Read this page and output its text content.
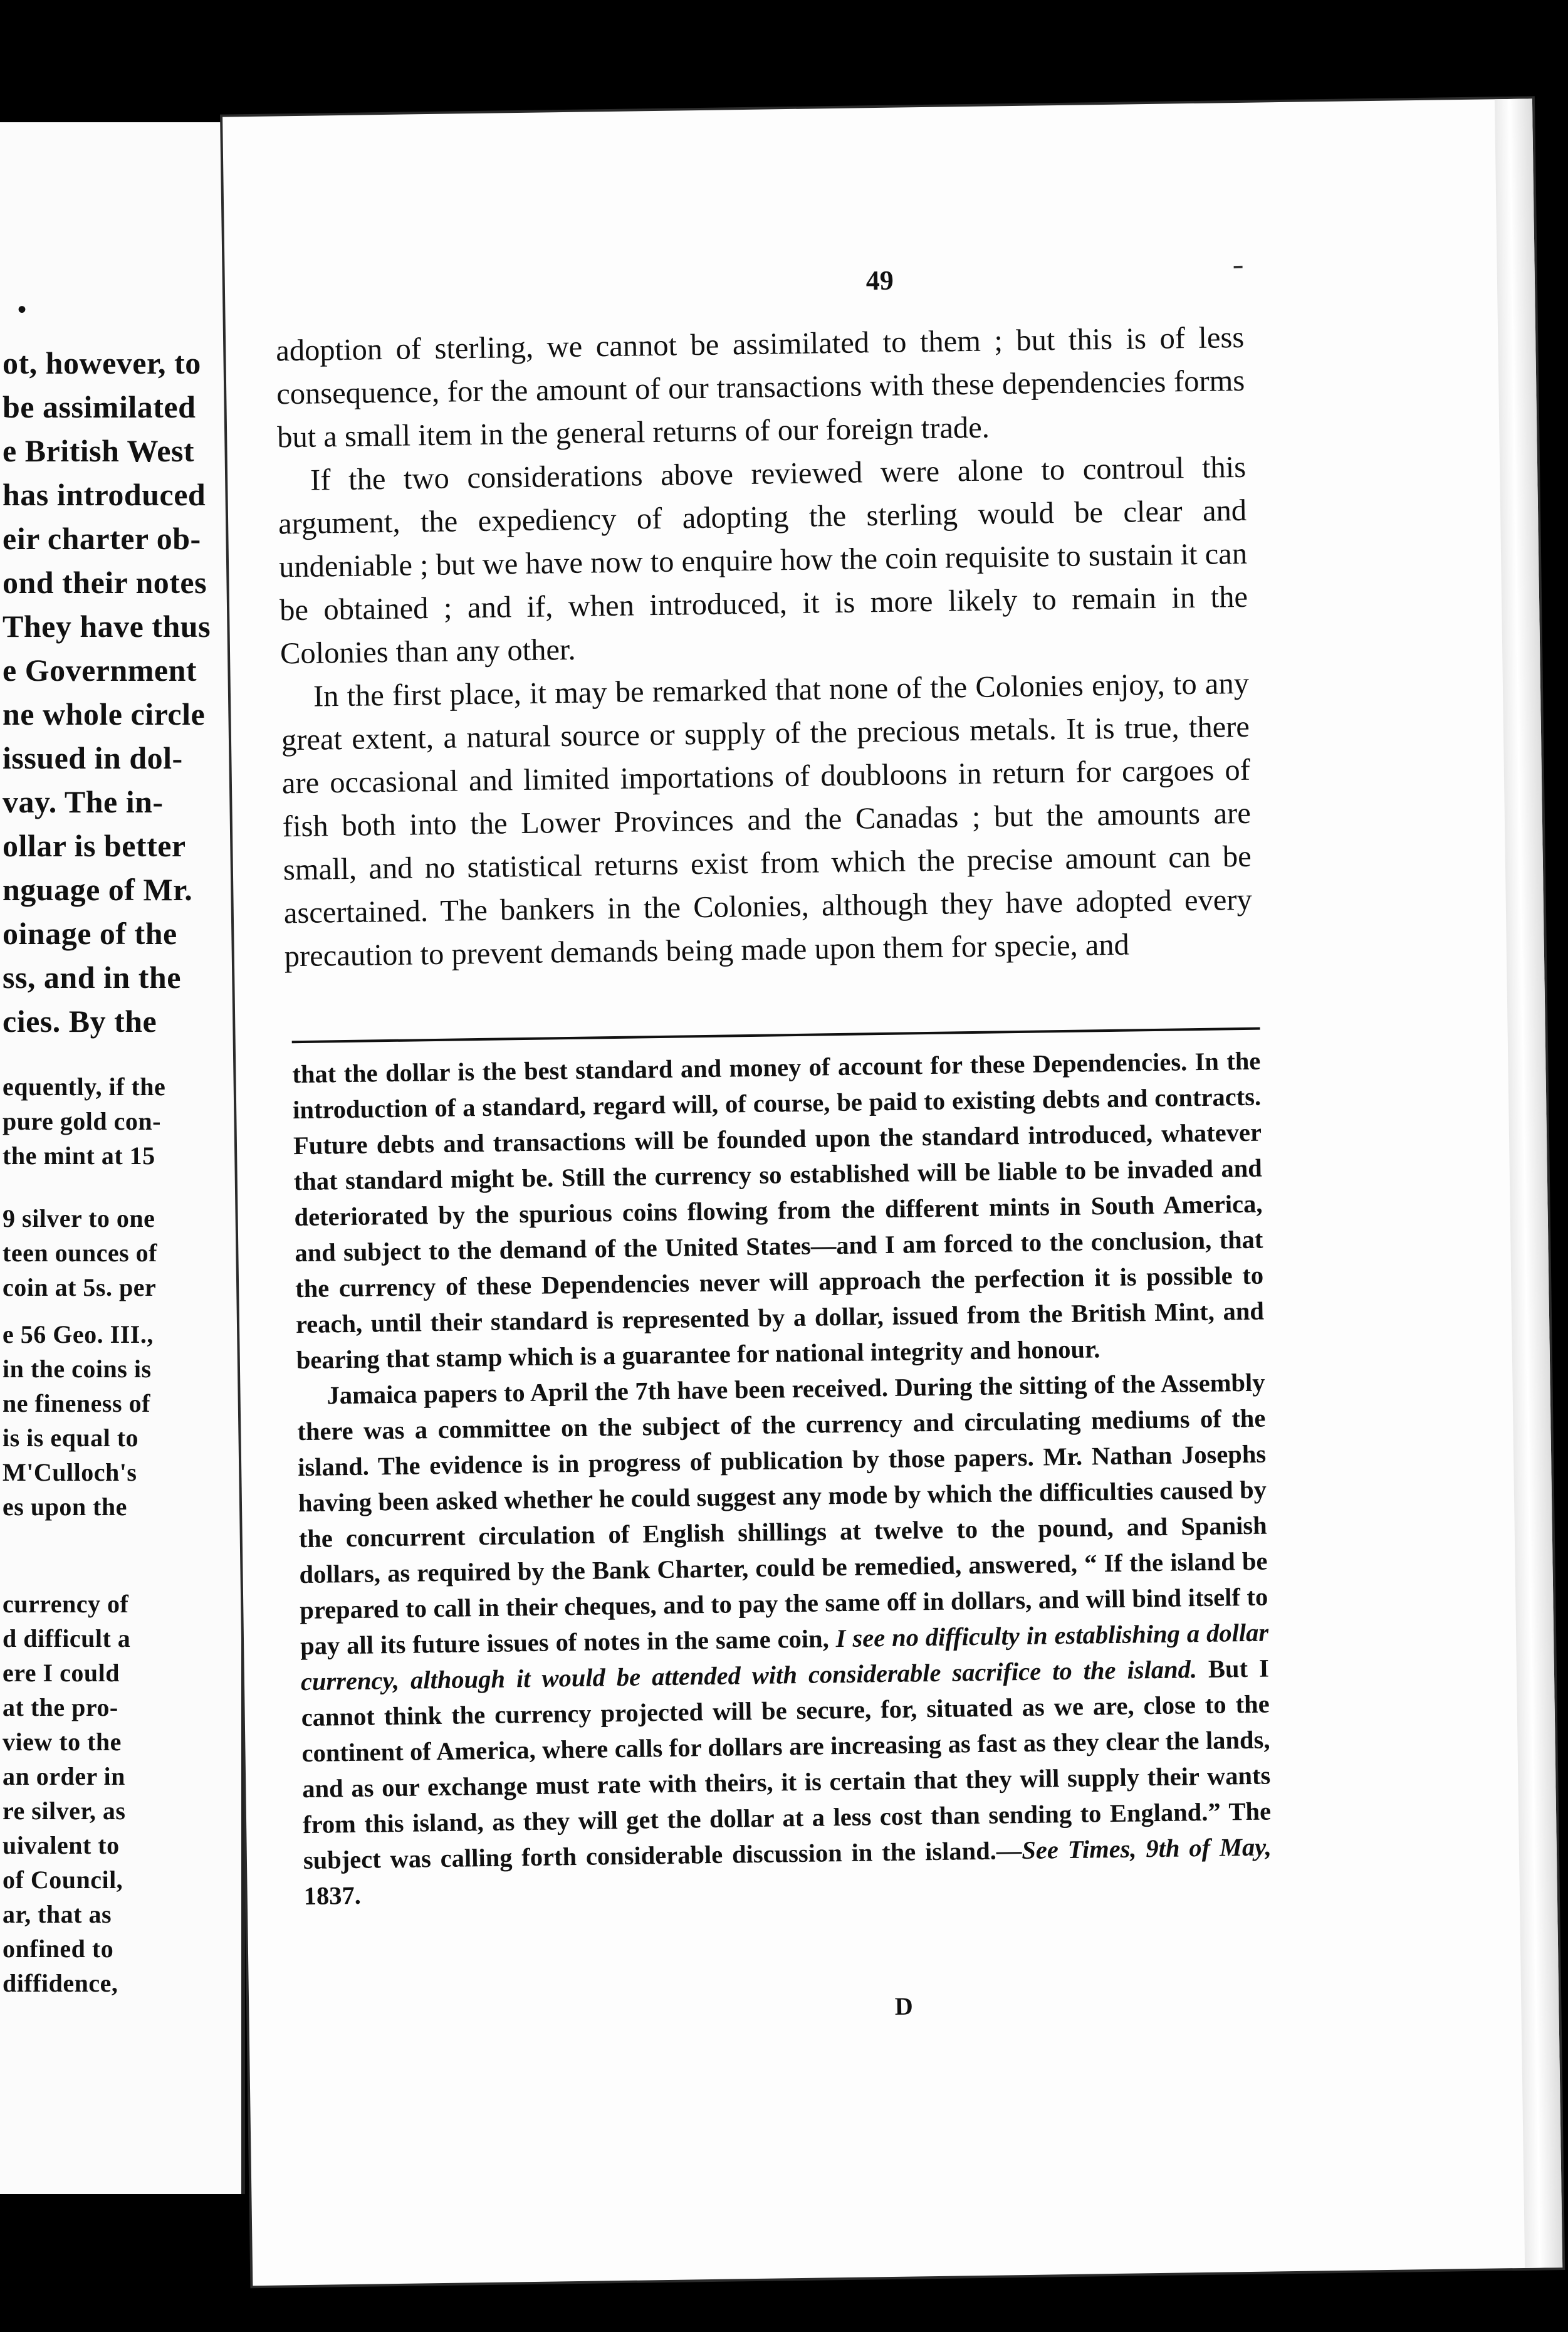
•
ot, however, to
be assimilated
e British West
has introduced
eir charter ob-
ond their notes
They have thus
e Government
ne whole circle
issued in dol-
vay. The in-
ollar is better
nguage of Mr.
oinage of the
ss, and in the
cies. By the
equently, if the
pure gold con-
the mint at 15
9 silver to one
teen ounces of
coin at 5s. per
e 56 Geo. III.,
in the coins is
ne fineness of
is is equal to
M'Culloch's
es upon the
currency of
d difficult a
ere I could
at the pro-
view to the
an order in
re silver, as
uivalent to
of Council,
ar, that as
onfined to
diffidence,
49

adoption of sterling, we cannot be assimilated to them ; but this is of less consequence, for the amount of our transactions with these dependencies forms but a small item in the general returns of our foreign trade.

If the two considerations above reviewed were alone to controul this argument, the expediency of adopting the sterling would be clear and undeniable ; but we have now to enquire how the coin requisite to sustain it can be obtained ; and if, when introduced, it is more likely to remain in the Colonies than any other.

In the first place, it may be remarked that none of the Colonies enjoy, to any great extent, a natural source or supply of the precious metals. It is true, there are occasional and limited importations of doubloons in return for cargoes of fish both into the Lower Provinces and the Canadas ; but the amounts are small, and no statistical returns exist from which the precise amount can be ascertained. The bankers in the Colonies, although they have adopted every precaution to prevent demands being made upon them for specie, and

that the dollar is the best standard and money of account for these Dependencies. In the introduction of a standard, regard will, of course, be paid to existing debts and contracts. Future debts and transactions will be founded upon the standard introduced, whatever that standard might be. Still the currency so established will be liable to be invaded and deteriorated by the spurious coins flowing from the different mints in South America, and subject to the demand of the United States—and I am forced to the conclusion, that the currency of these Dependencies never will approach the perfection it is possible to reach, until their standard is represented by a dollar, issued from the British Mint, and bearing that stamp which is a guarantee for national integrity and honour.

Jamaica papers to April the 7th have been received. During the sitting of the Assembly there was a committee on the subject of the currency and circulating mediums of the island. The evidence is in progress of publication by those papers. Mr. Nathan Josephs having been asked whether he could suggest any mode by which the difficulties caused by the concurrent circulation of English shillings at twelve to the pound, and Spanish dollars, as required by the Bank Charter, could be remedied, answered, “ If the island be prepared to call in their cheques, and to pay the same off in dollars, and will bind itself to pay all its future issues of notes in the same coin, I see no difficulty in establishing a dollar currency, although it would be attended with considerable sacrifice to the island. But I cannot think the currency projected will be secure, for, situated as we are, close to the continent of America, where calls for dollars are increasing as fast as they clear the lands, and as our exchange must rate with theirs, it is certain that they will supply their wants from this island, as they will get the dollar at a less cost than sending to England.” The subject was calling forth considerable discussion in the island.—See Times, 9th of May, 1837.

D
